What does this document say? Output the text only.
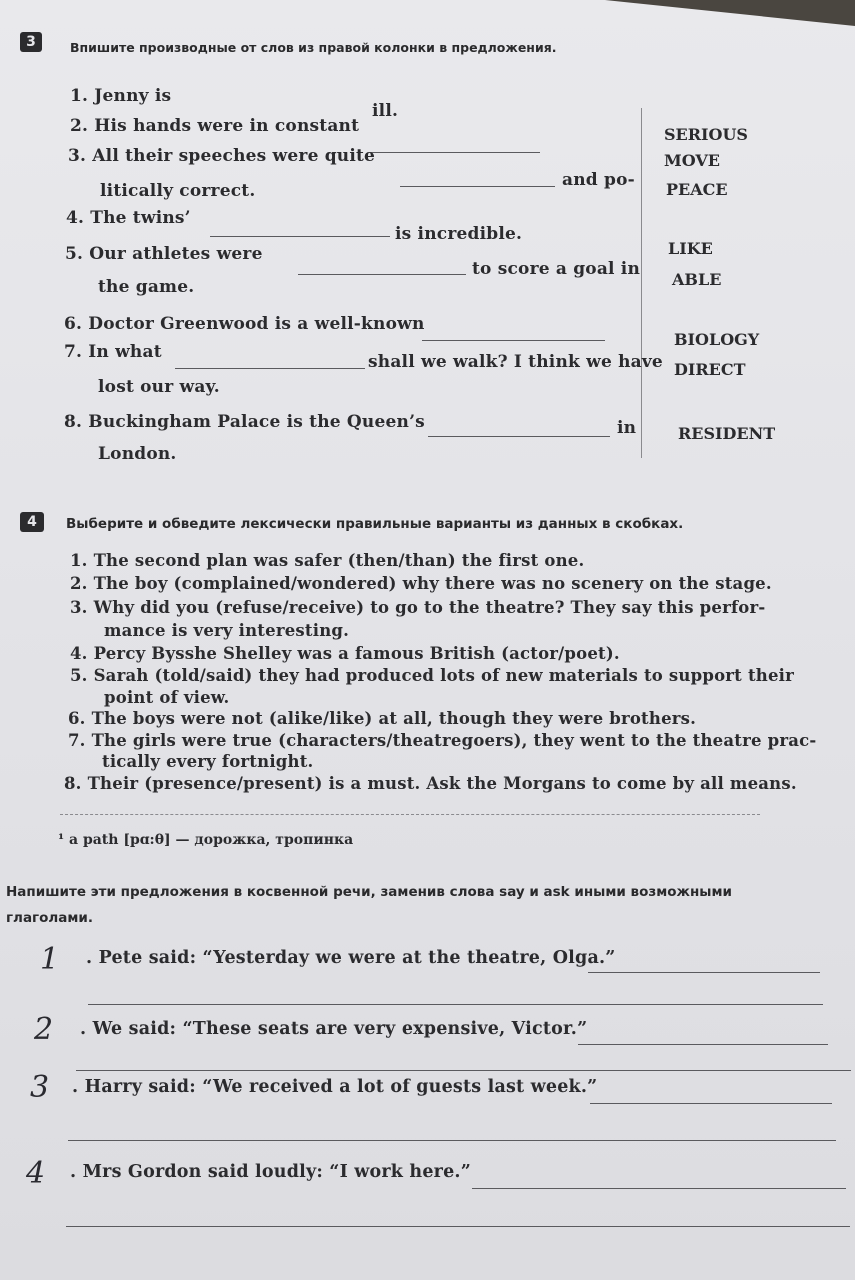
3	Впишите производные от слов из правой колонки в предложения.
1. Jenny is
ill.
2. His hands were in constant
3. All their speeches were quite
and po-
litically correct.
4. The twins’
is incredible.
5. Our athletes were
to score a goal in
the game.
6. Doctor Greenwood is a well-known
7. In what	shall we walk? I think we have
lost our way.
8. Buckingham Palace is the Queen’s	in
London.
SERIOUS
MOVE
PEACE
LIKE
ABLE
BIOLOGY
DIRECT
RESIDENT
4	Выберите и обведите лексически правильные варианты из данных в скобках.
1. The second plan was safer (then/than) the first one.
2. The boy (complained/wondered) why there was no scenery on the stage.
3. Why did you (refuse/receive) to go to the theatre? They say this perfor-
mance is very interesting.
4. Percy Bysshe Shelley was a famous British (actor/poet).
5. Sarah (told/said) they had produced lots of new materials to support their
point of view.
6. The boys were not (alike/like) at all, though they were brothers.
7. The girls were true (characters/theatregoers), they went to the theatre prac-
tically every fortnight.
8. Their (presence/present) is a must. Ask the Morgans to come by all means.
¹ a path [pɑ:θ] — дорожка, тропинка
Напишите эти предложения в косвенной речи, заменив слова say и ask иными возможными
глаголами.
1 . Pete said: “Yesterday we were at the theatre, Olga.”
2 . We said: “These seats are very expensive, Victor.”
3 . Harry said: “We received a lot of guests last week.”
4 . Mrs Gordon said loudly: “I work here.”
